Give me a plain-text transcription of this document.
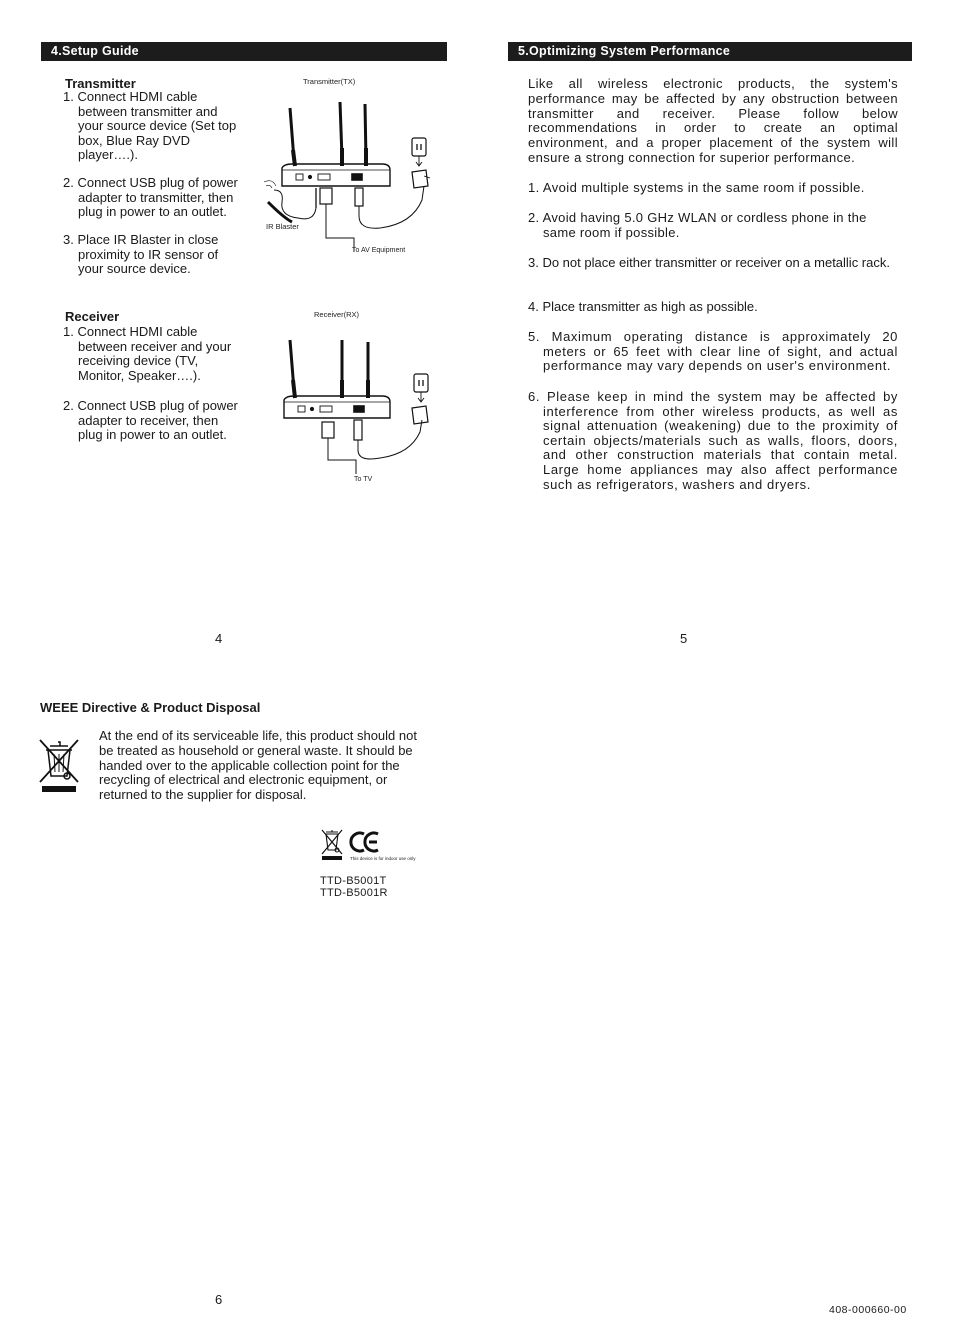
4.Setup Guide
Transmitter
1. Connect HDMI cable
between transmitter and
your source device (Set top
box, Blue Ray DVD
player….).
2. Connect USB plug of power
adapter to transmitter, then
plug in power to an outlet.
3. Place IR Blaster in close
proximity to IR sensor of
your source device.
Transmitter(TX)
IR Blaster
To AV Equipment
Receiver
1. Connect HDMI cable
between receiver and your
receiving device (TV,
Monitor, Speaker….).
2. Connect USB plug of power
adapter to receiver, then
plug in power to an outlet.
Receiver(RX)
To TV
4
5.Optimizing System Performance
Like all wireless electronic products, the system's performance may be affected by any obstruction between transmitter and receiver. Please follow below recommendations in order to create an optimal environment, and a proper placement of the system will ensure a strong connection for superior performance.
1. Avoid multiple systems in the same room if possible.
2. Avoid having 5.0 GHz WLAN or cordless phone in the same room if possible.
3. Do not place either transmitter or receiver on a metallic rack.
4. Place transmitter as high as possible.
5. Maximum operating distance is approximately 20 meters or 65 feet with clear line of sight, and actual performance may vary depends on user's environment.
6. Please keep in mind the system may be affected by interference from other wireless products, as well as signal attenuation (weakening) due to the proximity of certain objects/materials such as walls, floors, doors, and other construction materials that contain metal. Large home appliances may also affect performance such as refrigerators, washers and dryers.
5
WEEE Directive & Product Disposal
At the end of its serviceable life, this product should not be treated as household or general waste. It should be handed over to the applicable collection point for the recycling of electrical and electronic equipment, or returned to the supplier for disposal.
This device is for indoor use only
TTD-B5001T
TTD-B5001R
6
408-000660-00
